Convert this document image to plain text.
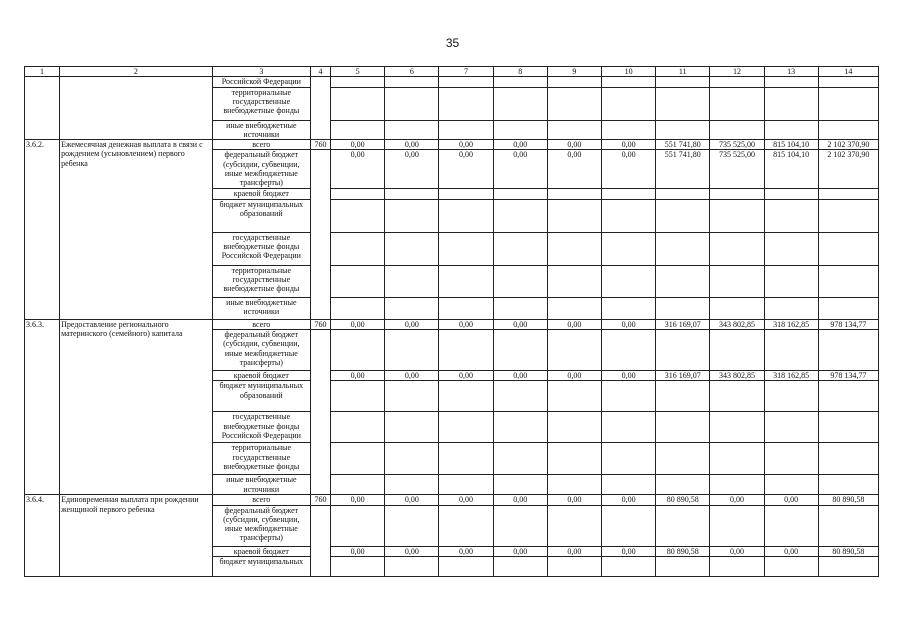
35
1	2	3	4	5	6	7	8	9	10	11	12	13	14
		Российской Федерации											
		территориальные государственные внебюджетные фонды											
		иные внебюджетные источники											
3.6.2.	Ежемесячная денежная выплата в связи с рождением (усыновлением) первого ребенка	всего	760	0,00	0,00	0,00	0,00	0,00	0,00	551 741,80	735 525,00	815 104,10	2 102 370,90
		федеральный бюджет (субсидии, субвенции, иные межбюджетные трансферты)		0,00	0,00	0,00	0,00	0,00	0,00	551 741,80	735 525,00	815 104,10	2 102 370,90
		краевой бюджет											
		бюджет муниципальных образований											
		государственные внебюджетные фонды Российской Федерации											
		территориальные государственные внебюджетные фонды											
		иные внебюджетные источники											
3.6.3.	Предоставление регионального материнского (семейного) капитала	всего	760	0,00	0,00	0,00	0,00	0,00	0,00	316 169,07	343 802,85	318 162,85	978 134,77
		федеральный бюджет (субсидии, субвенции, иные межбюджетные трансферты)											
		краевой бюджет		0,00	0,00	0,00	0,00	0,00	0,00	316 169,07	343 802,85	318 162,85	978 134,77
		бюджет муниципальных образований											
		государственные внебюджетные фонды Российской Федерации											
		территориальные государственные внебюджетные фонды											
		иные внебюджетные источники											
3.6.4.	Единовременная выплата при рождении женщиной первого ребенка	всего	760	0,00	0,00	0,00	0,00	0,00	0,00	80 890,58	0,00	0,00	80 890,58
		федеральный бюджет (субсидии, субвенции, иные межбюджетные трансферты)											
		краевой бюджет		0,00	0,00	0,00	0,00	0,00	0,00	80 890,58	0,00	0,00	80 890,58
		бюджет муниципальных											
